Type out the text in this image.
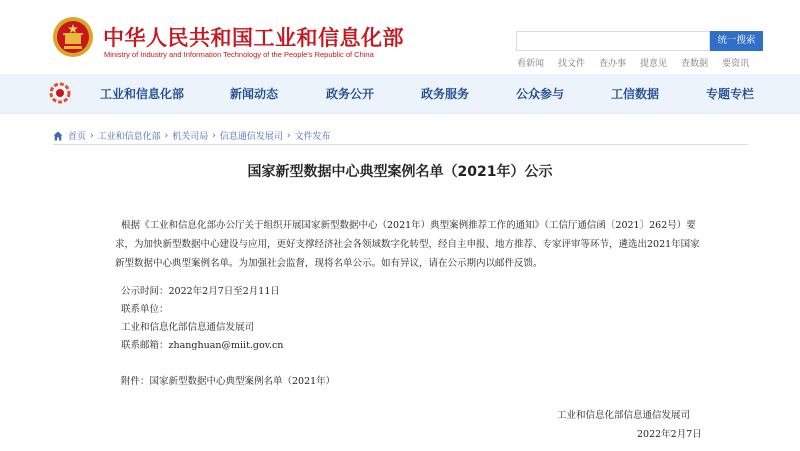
中华人民共和国工业和信息化部
Ministry of Industry and Information Technology of the People's Republic of China
统一搜索
看新闻 找文件 查办事 提意见 查数据 要资讯
工业和信息化部	新闻动态	政务公开	政务服务	公众参与	工信数据	专题专栏
首页 › 工业和信息化部 › 机关司局 › 信息通信发展司 › 文件发布
国家新型数据中心典型案例名单（2021年）公示
根据《工业和信息化部办公厅关于组织开展国家新型数据中心（2021年）典型案例推荐工作的通知》（工信厅通信函〔2021〕262号）要求，为加快新型数据中心建设与应用，更好支撑经济社会各领域数字化转型，经自主申报、地方推荐、专家评审等环节，遴选出2021年国家新型数据中心典型案例名单。为加强社会监督，现将名单公示。如有异议，请在公示期内以邮件反馈。
公示时间：2022年2月7日至2月11日
联系单位：
工业和信息化部信息通信发展司
联系邮箱：zhanghuan@miit.gov.cn
附件：国家新型数据中心典型案例名单（2021年）
工业和信息化部信息通信发展司
2022年2月7日
